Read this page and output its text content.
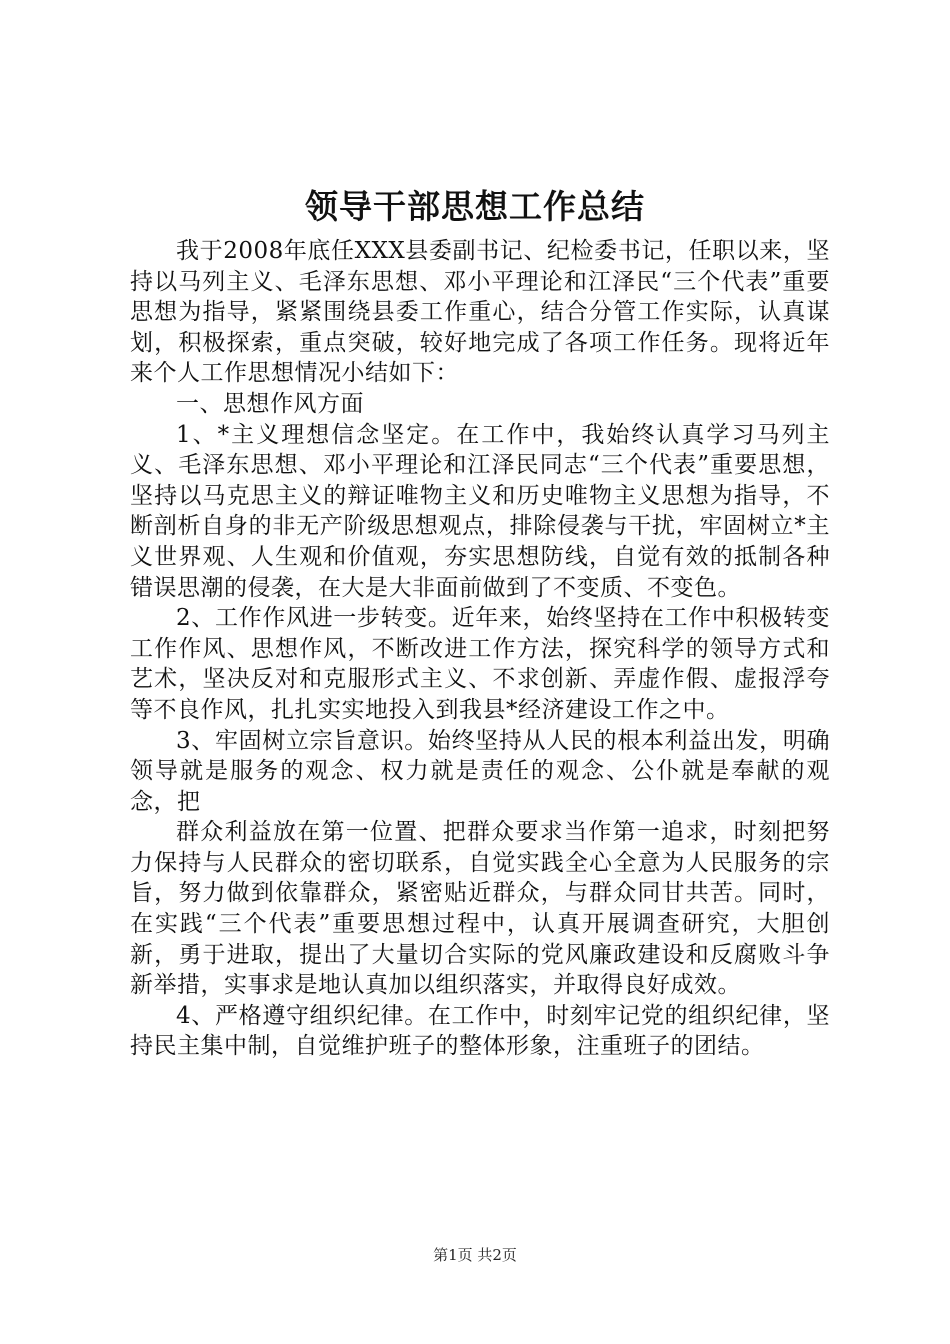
领导干部思想工作总结

我于2008年底任XXX县委副书记、纪检委书记，任职以来，坚持以马列主义、毛泽东思想、邓小平理论和江泽民“三个代表”重要思想为指导，紧紧围绕县委工作重心，结合分管工作实际，认真谋划，积极探索，重点突破，较好地完成了各项工作任务。现将近年来个人工作思想情况小结如下：

一、思想作风方面

1、*主义理想信念坚定。在工作中，我始终认真学习马列主义、毛泽东思想、邓小平理论和江泽民同志“三个代表”重要思想，坚持以马克思主义的辩证唯物主义和历史唯物主义思想为指导，不断剖析自身的非无产阶级思想观点，排除侵袭与干扰，牢固树立*主义世界观、人生观和价值观，夯实思想防线，自觉有效的抵制各种错误思潮的侵袭，在大是大非面前做到了不变质、不变色。

2、工作作风进一步转变。近年来，始终坚持在工作中积极转变工作作风、思想作风，不断改进工作方法，探究科学的领导方式和艺术，坚决反对和克服形式主义、不求创新、弄虚作假、虚报浮夸等不良作风，扎扎实实地投入到我县*经济建设工作之中。

3、牢固树立宗旨意识。始终坚持从人民的根本利益出发，明确领导就是服务的观念、权力就是责任的观念、公仆就是奉献的观念，把

群众利益放在第一位置、把群众要求当作第一追求，时刻把努力保持与人民群众的密切联系，自觉实践全心全意为人民服务的宗旨，努力做到依靠群众，紧密贴近群众，与群众同甘共苦。同时，在实践“三个代表”重要思想过程中，认真开展调查研究，大胆创新，勇于进取，提出了大量切合实际的党风廉政建设和反腐败斗争新举措，实事求是地认真加以组织落实，并取得良好成效。

4、严格遵守组织纪律。在工作中，时刻牢记党的组织纪律，坚持民主集中制，自觉维护班子的整体形象，注重班子的团结。

第1页 共2页
